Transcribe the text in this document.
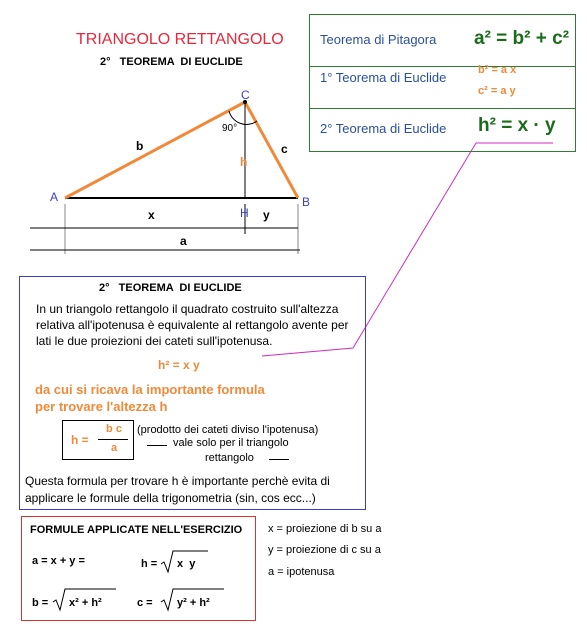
TRIANGOLO RETTANGOLO
2°   TEOREMA  DI EUCLIDE
A	B
C
H
b	c
h
x	y
a
90°
Teorema di Pitagora a² = b² + c²
1° Teorema di Euclide	b² = a x
c² = a y
2° Teorema di Euclide h² = x · y
2°   TEOREMA  DI EUCLIDE
In un triangolo rettangolo il quadrato costruito sull'altezza relativa all'ipotenusa è equivalente al rettangolo avente per lati le due proiezioni dei cateti sull'ipotenusa.
h² = x y
da cui si ricava la importante formula
per trovare l'altezza h
h =
b c
a
(prodotto dei cateti diviso l'ipotenusa)
vale solo per il triangolo
rettangolo
Questa formula per trovare h è importante perchè evita di applicare le formule della trigonometria (sin, cos ecc...)
FORMULE APPLICATE NELL'ESERCIZIO
a = x + y =	h = x  y
b = x² + h²	c = y² + h²
x = proiezione di b su a
y = proiezione di c su a
a = ipotenusa
